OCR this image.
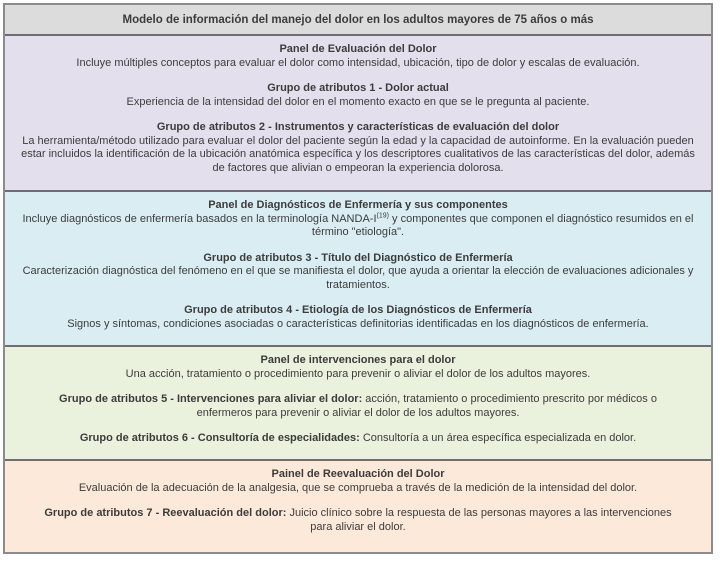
Modelo de información del manejo del dolor en los adultos mayores de 75 años o más

Panel de Evaluación del Dolor

Incluye múltiples conceptos para evaluar el dolor como intensidad, ubicación, tipo de dolor y escalas de evaluación.

Grupo de atributos 1 - Dolor actual

Experiencia de la intensidad del dolor en el momento exacto en que se le pregunta al paciente.

Grupo de atributos 2 - Instrumentos y características de evaluación del dolor

La herramienta/método utilizado para evaluar el dolor del paciente según la edad y la capacidad de autoinforme. En la evaluación pueden estar incluidos la identificación de la ubicación anatómica específica y los descriptores cualitativos de las características del dolor, además de factores que alivian o empeoran la experiencia dolorosa.

Panel de Diagnósticos de Enfermería y sus componentes

Incluye diagnósticos de enfermería basados en la terminología NANDA-I$^{(19)}$ y componentes que componen el diagnóstico resumidos en el término "etiología".

Grupo de atributos 3 - Título del Diagnóstico de Enfermería

Caracterización diagnóstica del fenómeno en el que se manifiesta el dolor, que ayuda a orientar la elección de evaluaciones adicionales y tratamientos.

Grupo de atributos 4 - Etiología de los Diagnósticos de Enfermería

Signos y síntomas, condiciones asociadas o características definitorias identificadas en los diagnósticos de enfermería.

Panel de intervenciones para el dolor

Una acción, tratamiento o procedimiento para prevenir o aliviar el dolor de los adultos mayores.

Grupo de atributos 5 - Intervenciones para aliviar el dolor: acción, tratamiento o procedimiento prescrito por médicos o enfermeros para prevenir o aliviar el dolor de los adultos mayores.

Grupo de atributos 6 - Consultoría de especialidades: Consultoría a un área específica especializada en dolor.

Painel de Reevaluación del Dolor

Evaluación de la adecuación de la analgesia, que se comprueba a través de la medición de la intensidad del dolor.

Grupo de atributos 7 - Reevaluación del dolor: Juicio clínico sobre la respuesta de las personas mayores a las intervenciones para aliviar el dolor.
